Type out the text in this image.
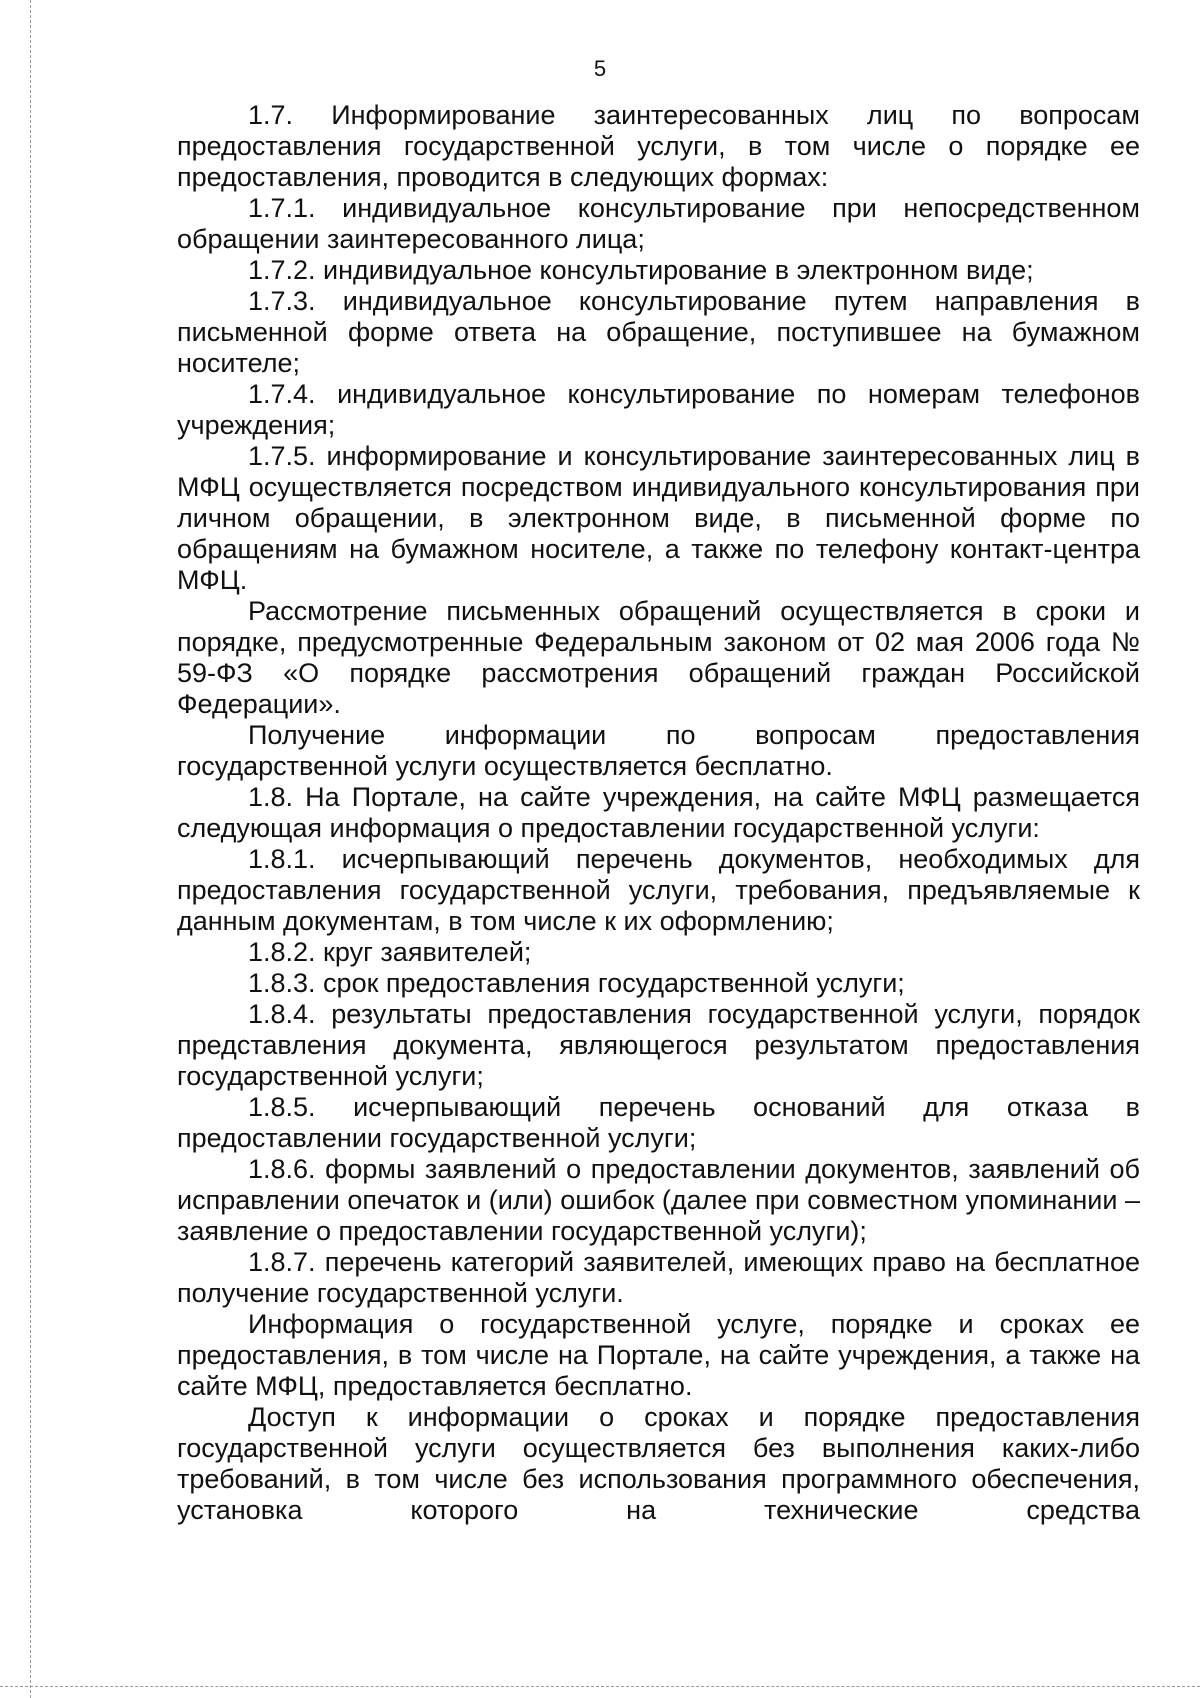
5

1.7. Информирование заинтересованных лиц по вопросам предоставления государственной услуги, в том числе о порядке ее предоставления, проводится в следующих формах:

1.7.1. индивидуальное консультирование при непосредственном обращении заинтересованного лица;

1.7.2. индивидуальное консультирование в электронном виде;

1.7.3. индивидуальное консультирование путем направления в письменной форме ответа на обращение, поступившее на бумажном носителе;

1.7.4. индивидуальное консультирование по номерам телефонов учреждения;

1.7.5. информирование и консультирование заинтересованных лиц в МФЦ осуществляется посредством индивидуального консультирования при личном обращении, в электронном виде, в письменной форме по обращениям на бумажном носителе, а также по телефону контакт-центра МФЦ.

Рассмотрение письменных обращений осуществляется в сроки и порядке, предусмотренные Федеральным законом от 02 мая 2006 года № 59-ФЗ «О порядке рассмотрения обращений граждан Российской Федерации».

Получение информации по вопросам предоставления государственной услуги осуществляется бесплатно.

1.8. На Портале, на сайте учреждения, на сайте МФЦ размещается следующая информация о предоставлении государственной услуги:

1.8.1. исчерпывающий перечень документов, необходимых для предоставления государственной услуги, требования, предъявляемые к данным документам, в том числе к их оформлению;

1.8.2. круг заявителей;

1.8.3. срок предоставления государственной услуги;

1.8.4. результаты предоставления государственной услуги, порядок представления документа, являющегося результатом предоставления государственной услуги;

1.8.5. исчерпывающий перечень оснований для отказа в предоставлении государственной услуги;

1.8.6. формы заявлений о предоставлении документов, заявлений об исправлении опечаток и (или) ошибок (далее при совместном упоминании – заявление о предоставлении государственной услуги);

1.8.7. перечень категорий заявителей, имеющих право на бесплатное получение государственной услуги.

Информация о государственной услуге, порядке и сроках ее предоставления, в том числе на Портале, на сайте учреждения, а также на сайте МФЦ, предоставляется бесплатно.

Доступ к информации о сроках и порядке предоставления государственной услуги осуществляется без выполнения каких-либо требований, в том числе без использования программного обеспечения, установка которого на технические средства
